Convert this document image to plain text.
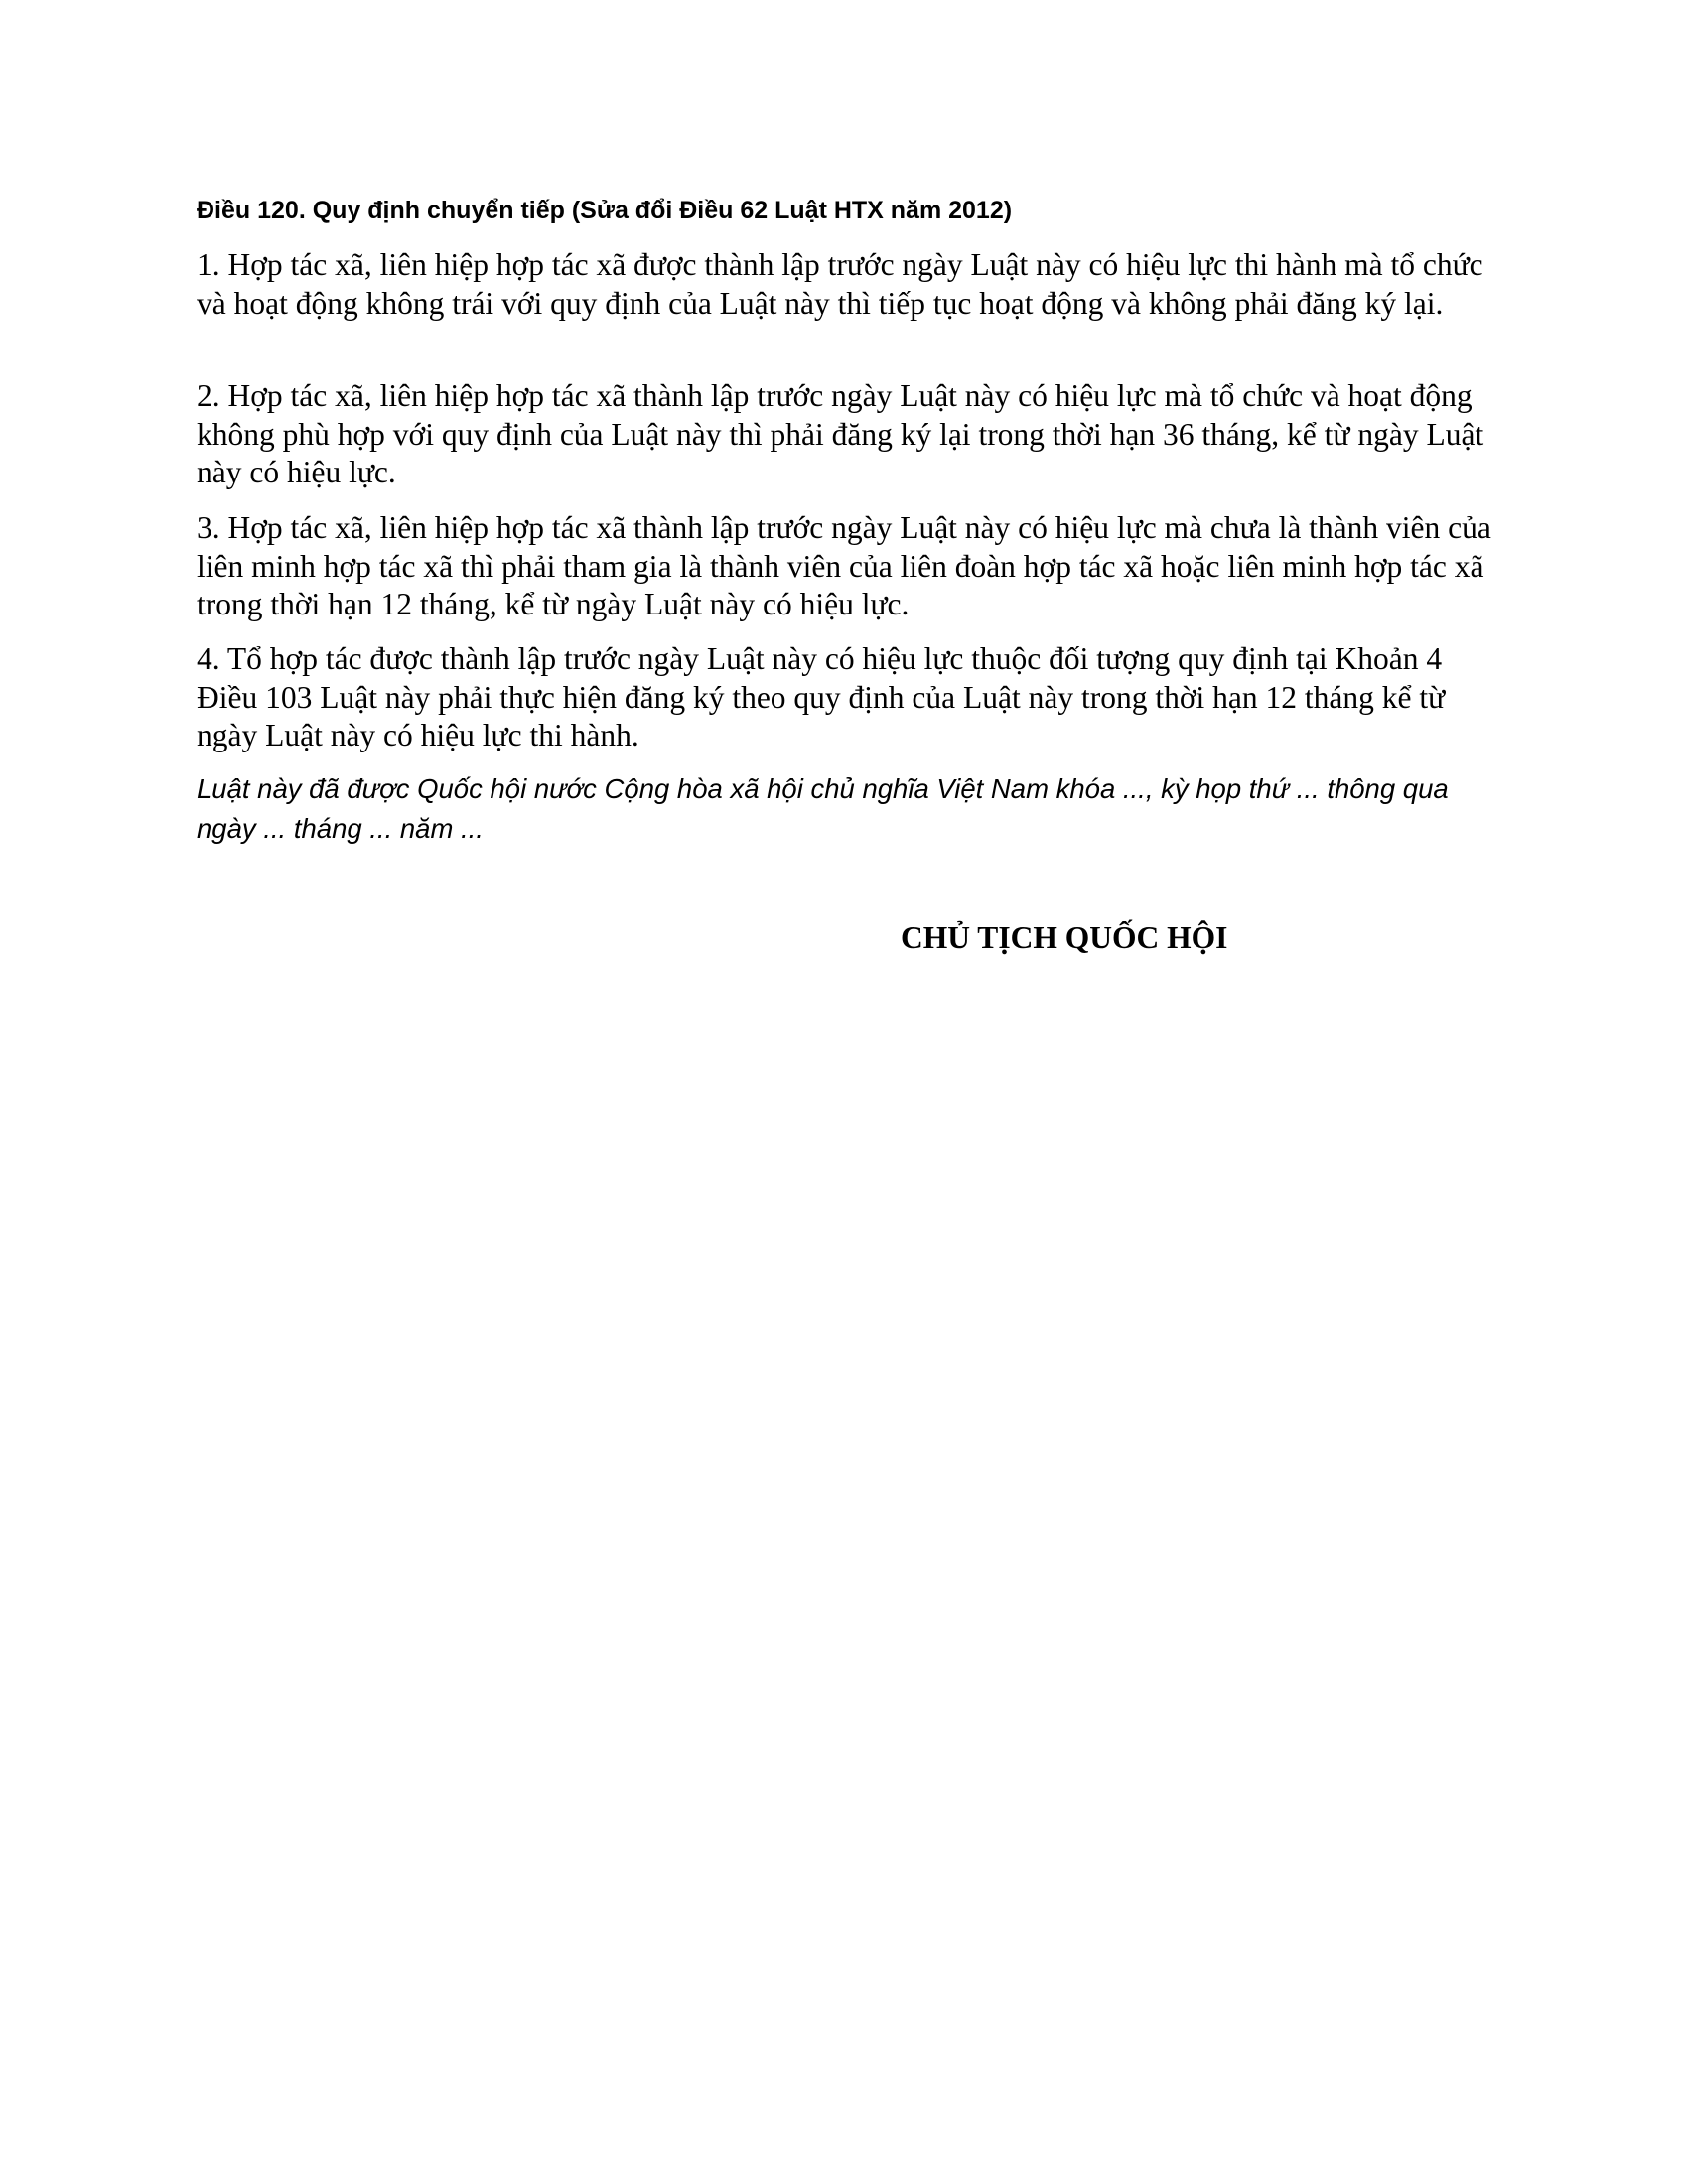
Điều 120. Quy định chuyển tiếp (Sửa đổi Điều 62 Luật HTX năm 2012)
1. Hợp tác xã, liên hiệp hợp tác xã được thành lập trước ngày Luật này có hiệu lực thi hành mà tổ chức và hoạt động không trái với quy định của Luật này thì tiếp tục hoạt động và không phải đăng ký lại.
2. Hợp tác xã, liên hiệp hợp tác xã thành lập trước ngày Luật này có hiệu lực mà tổ chức và hoạt động không phù hợp với quy định của Luật này thì phải đăng ký lại trong thời hạn 36 tháng, kể từ ngày Luật này có hiệu lực.
3. Hợp tác xã, liên hiệp hợp tác xã thành lập trước ngày Luật này có hiệu lực mà chưa là thành viên của liên minh hợp tác xã thì phải tham gia là thành viên của liên đoàn hợp tác xã hoặc liên minh hợp tác xã trong thời hạn 12 tháng, kể từ ngày Luật này có hiệu lực.
4. Tổ hợp tác được thành lập trước ngày Luật này có hiệu lực thuộc đối tượng quy định tại Khoản 4 Điều 103 Luật này phải thực hiện đăng ký theo quy định của Luật này trong thời hạn 12 tháng kể từ ngày Luật này có hiệu lực thi hành.
Luật này đã được Quốc hội nước Cộng hòa xã hội chủ nghĩa Việt Nam khóa ..., kỳ họp thứ ... thông qua ngày ... tháng ... năm ...
CHỦ TỊCH QUỐC HỘI
